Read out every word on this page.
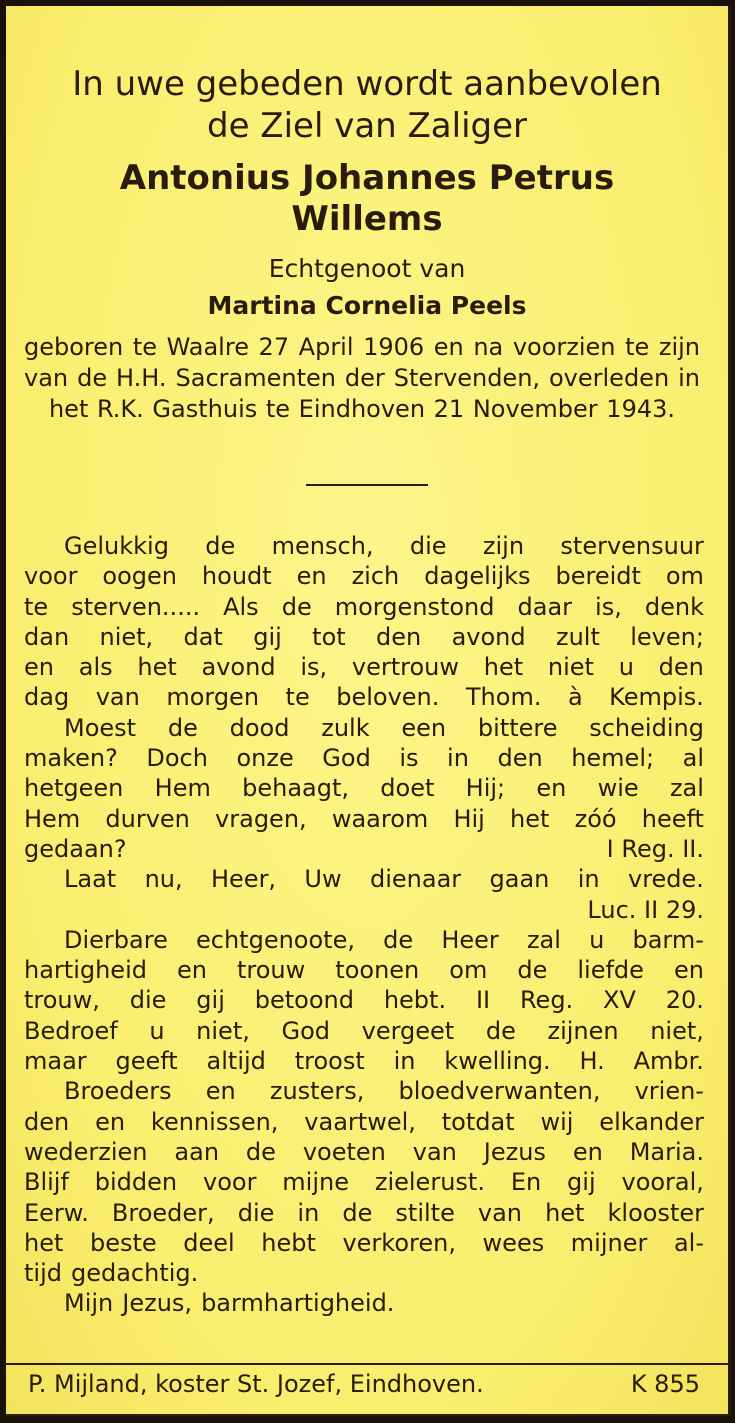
In uwe gebeden wordt aanbevolen
de Ziel van Zaliger
Antonius Johannes Petrus
Willems
Echtgenoot van
Martina Cornelia Peels
geboren te Waalre 27 April 1906 en na voorzien te zijn van de H.H. Sacramenten der Stervenden, overleden in het R.K. Gasthuis te Eindhoven 21 November 1943.
Gelukkig de mensch, die zijn stervensuur
voor oogen houdt en zich dagelijks bereidt om
te sterven..... Als de morgenstond daar is, denk
dan niet, dat gij tot den avond zult leven;
en als het avond is, vertrouw het niet u den
dag van morgen te beloven. Thom. à Kempis.
Moest de dood zulk een bittere scheiding
maken? Doch onze God is in den hemel; al
hetgeen Hem behaagt, doet Hij; en wie zal
Hem durven vragen, waarom Hij het zóó heeft
gedaan?	I Reg. II.
Laat nu, Heer, Uw dienaar gaan in vrede.
Luc. II 29.
Dierbare echtgenoote, de Heer zal u barm-
hartigheid en trouw toonen om de liefde en
trouw, die gij betoond hebt. II Reg. XV 20.
Bedroef u niet, God vergeet de zijnen niet,
maar geeft altijd troost in kwelling. H. Ambr.
Broeders en zusters, bloedverwanten, vrien-
den en kennissen, vaartwel, totdat wij elkander
wederzien aan de voeten van Jezus en Maria.
Blijf bidden voor mijne zielerust. En gij vooral,
Eerw. Broeder, die in de stilte van het klooster
het beste deel hebt verkoren, wees mijner al-
tijd gedachtig.
Mijn Jezus, barmhartigheid.
P. Mijland, koster St. Jozef, Eindhoven.	K 855
